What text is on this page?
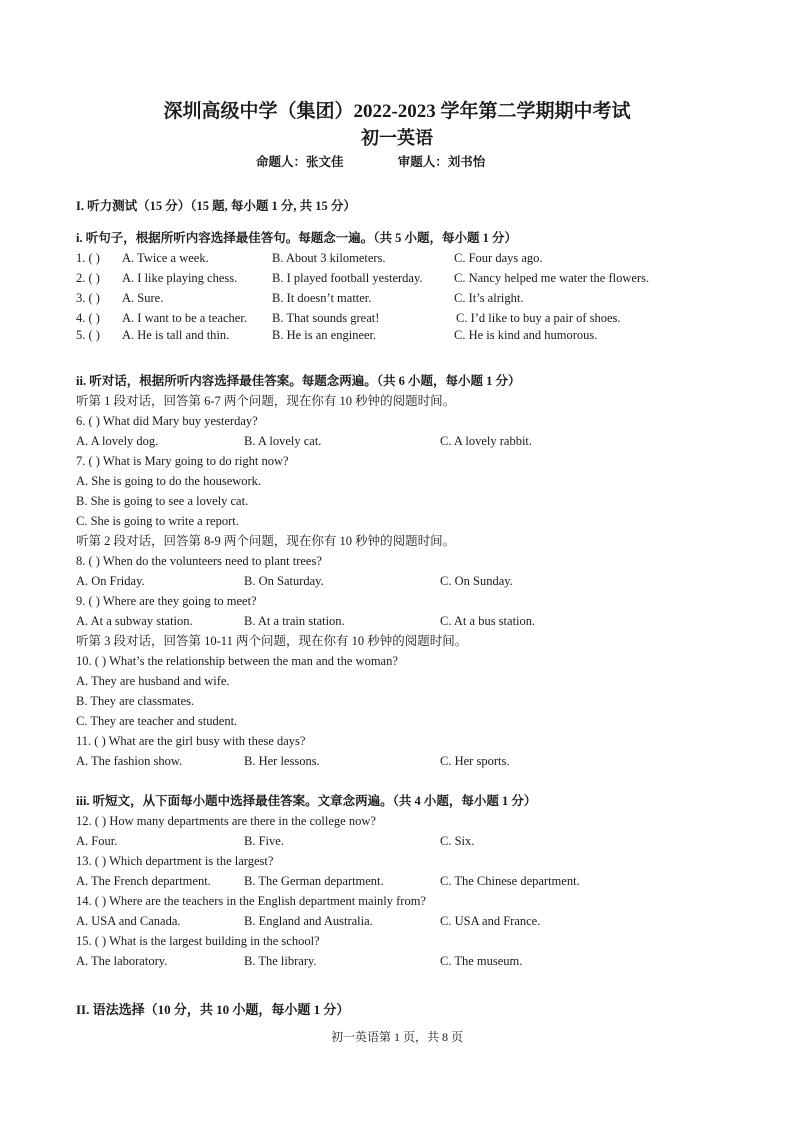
深圳高级中学（集团）2022-2023 学年第二学期期中考试
初一英语
命题人：张文佳	审题人：刘书怡
I. 听力测试（15 分）（15 题, 每小题 1 分, 共 15 分）
i. 听句子，根据所听内容选择最佳答句。每题念一遍。（共 5 小题，每小题 1 分）
1. ( ) A. Twice a week.	B. About 3 kilometers.	C. Four days ago.
2. ( ) A. I like playing chess.	B. I played football yesterday.	C. Nancy helped me water the flowers.
3. ( ) A. Sure.	B. It doesn’t matter.	C. It’s alright.
4. ( ) A. I want to be a teacher. B. That sounds great!	C. I’d like to buy a pair of shoes.
5. ( ) A. He is tall and thin.	B. He is an engineer.	C. He is kind and humorous.
ii. 听对话，根据所听内容选择最佳答案。每题念两遍。（共 6 小题，每小题 1 分）
听第 1 段对话，回答第 6-7 两个问题，现在你有 10 秒钟的阅题时间。
6. ( ) What did Mary buy yesterday?
A. A lovely dog.	B. A lovely cat.	C. A lovely rabbit.
7. ( ) What is Mary going to do right now?
A. She is going to do the housework.
B. She is going to see a lovely cat.
C. She is going to write a report.
听第 2 段对话，回答第 8-9 两个问题，现在你有 10 秒钟的阅题时间。
8. ( ) When do the volunteers need to plant trees?
A. On Friday.	B. On Saturday.	C. On Sunday.
9. ( ) Where are they going to meet?
A. At a subway station.	B. At a train station.	C. At a bus station.
听第 3 段对话，回答第 10-11 两个问题，现在你有 10 秒钟的阅题时间。
10. ( ) What’s the relationship between the man and the woman?
A. They are husband and wife.
B. They are classmates.
C. They are teacher and student.
11. ( ) What are the girl busy with these days?
A. The fashion show.	B. Her lessons.	C. Her sports.
iii. 听短文，从下面每小题中选择最佳答案。文章念两遍。（共 4 小题，每小题 1 分）
12. ( ) How many departments are there in the college now?
A. Four.	B. Five.	C. Six.
13. ( ) Which department is the largest?
A. The French department.	B. The German department.	C. The Chinese department.
14. ( ) Where are the teachers in the English department mainly from?
A. USA and Canada.	B. England and Australia.	C. USA and France.
15. ( ) What is the largest building in the school?
A. The laboratory.	B. The library.	C. The museum.
II. 语法选择（10 分，共 10 小题，每小题 1 分）
初一英语第 1 页，共 8 页
